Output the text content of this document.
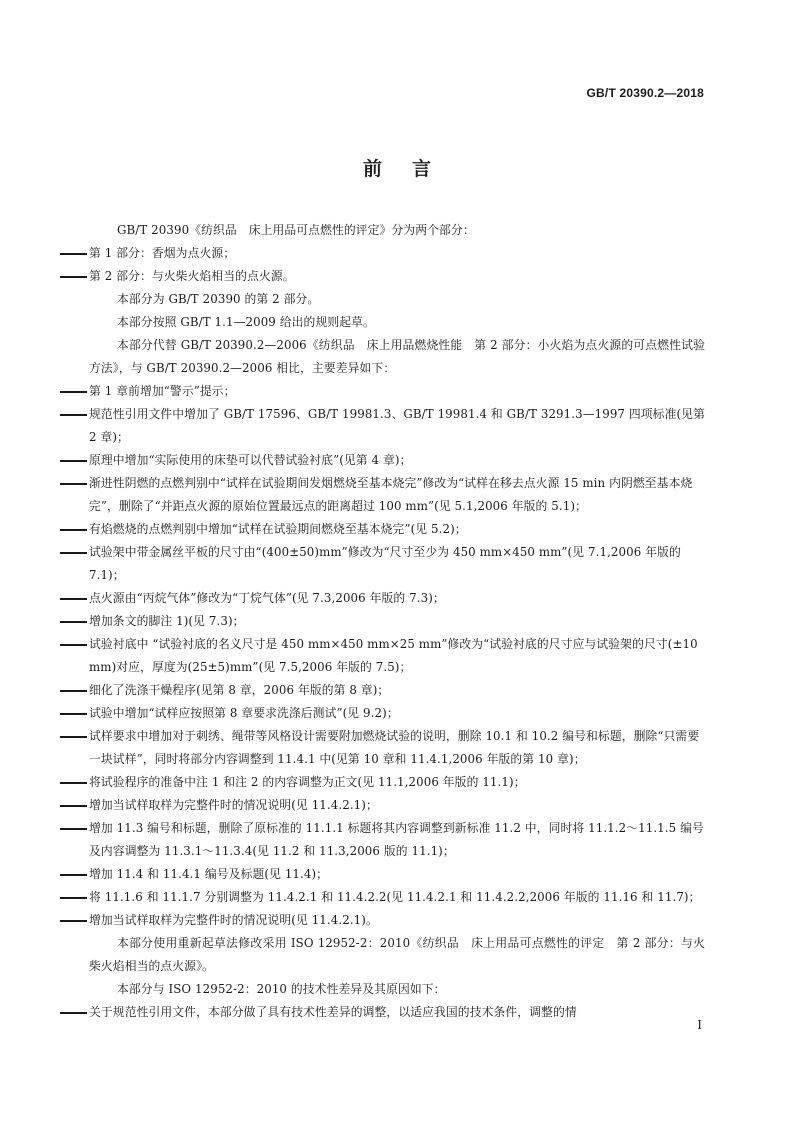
GB/T 20390.2—2018
前言

GB/T 20390《纺织品　床上用品可点燃性的评定》分为两个部分：

第 1 部分：香烟为点火源；

第 2 部分：与火柴火焰相当的点火源。

本部分为 GB/T 20390 的第 2 部分。

本部分按照 GB/T 1.1—2009 给出的规则起草。

本部分代替 GB/T 20390.2—2006《纺织品　床上用品燃烧性能　第 2 部分：小火焰为点火源的可点燃性试验方法》，与 GB/T 20390.2—2006 相比，主要差异如下：

第 1 章前增加“警示”提示；

规范性引用文件中增加了 GB/T 17596、GB/T 19981.3、GB/T 19981.4 和 GB/T 3291.3—1997 四项标准(见第 2 章)；

原理中增加“实际使用的床垫可以代替试验衬底”(见第 4 章)；

渐进性阴燃的点燃判别中“试样在试验期间发烟燃烧至基本烧完”修改为“试样在移去点火源 15 min 内阴燃至基本烧完”，删除了“并距点火源的原始位置最远点的距离超过 100 mm”(见 5.1,2006 年版的 5.1)；

有焰燃烧的点燃判别中增加“试样在试验期间燃烧至基本烧完”(见 5.2)；

试验架中带金属丝平板的尺寸由“(400±50)mm”修改为“尺寸至少为 450 mm×450 mm”(见 7.1,2006 年版的 7.1)；

点火源由“丙烷气体”修改为“丁烷气体”(见 7.3,2006 年版的 7.3)；

增加条文的脚注 1)(见 7.3)；

试验衬底中 “试验衬底的名义尺寸是 450 mm×450 mm×25 mm”修改为“试验衬底的尺寸应与试验架的尺寸(±10 mm)对应，厚度为(25±5)mm”(见 7.5,2006 年版的 7.5)；

细化了洗涤干燥程序(见第 8 章，2006 年版的第 8 章)；

试验中增加“试样应按照第 8 章要求洗涤后测试”(见 9.2)；

试样要求中增加对于刺绣、绳带等风格设计需要附加燃烧试验的说明，删除 10.1 和 10.2 编号和标题，删除“只需要一块试样”，同时将部分内容调整到 11.4.1 中(见第 10 章和 11.4.1,2006 年版的第 10 章)；

将试验程序的准备中注 1 和注 2 的内容调整为正文(见 11.1,2006 年版的 11.1)；

增加当试样取样为完整件时的情况说明(见 11.4.2.1)；

增加 11.3 编号和标题，删除了原标准的 11.1.1 标题将其内容调整到新标准 11.2 中，同时将 11.1.2～11.1.5 编号及内容调整为 11.3.1～11.3.4(见 11.2 和 11.3,2006 版的 11.1)；

增加 11.4 和 11.4.1 编号及标题(见 11.4)；

将 11.1.6 和 11.1.7 分别调整为 11.4.2.1 和 11.4.2.2(见 11.4.2.1 和 11.4.2.2,2006 年版的 11.16 和 11.7)；

增加当试样取样为完整件时的情况说明(见 11.4.2.1)。

本部分使用重新起草法修改采用 ISO 12952-2：2010《纺织品　床上用品可点燃性的评定　第 2 部分：与火柴火焰相当的点火源》。

本部分与 ISO 12952-2：2010 的技术性差异及其原因如下：

关于规范性引用文件，本部分做了具有技术性差异的调整，以适应我国的技术条件，调整的情

I
